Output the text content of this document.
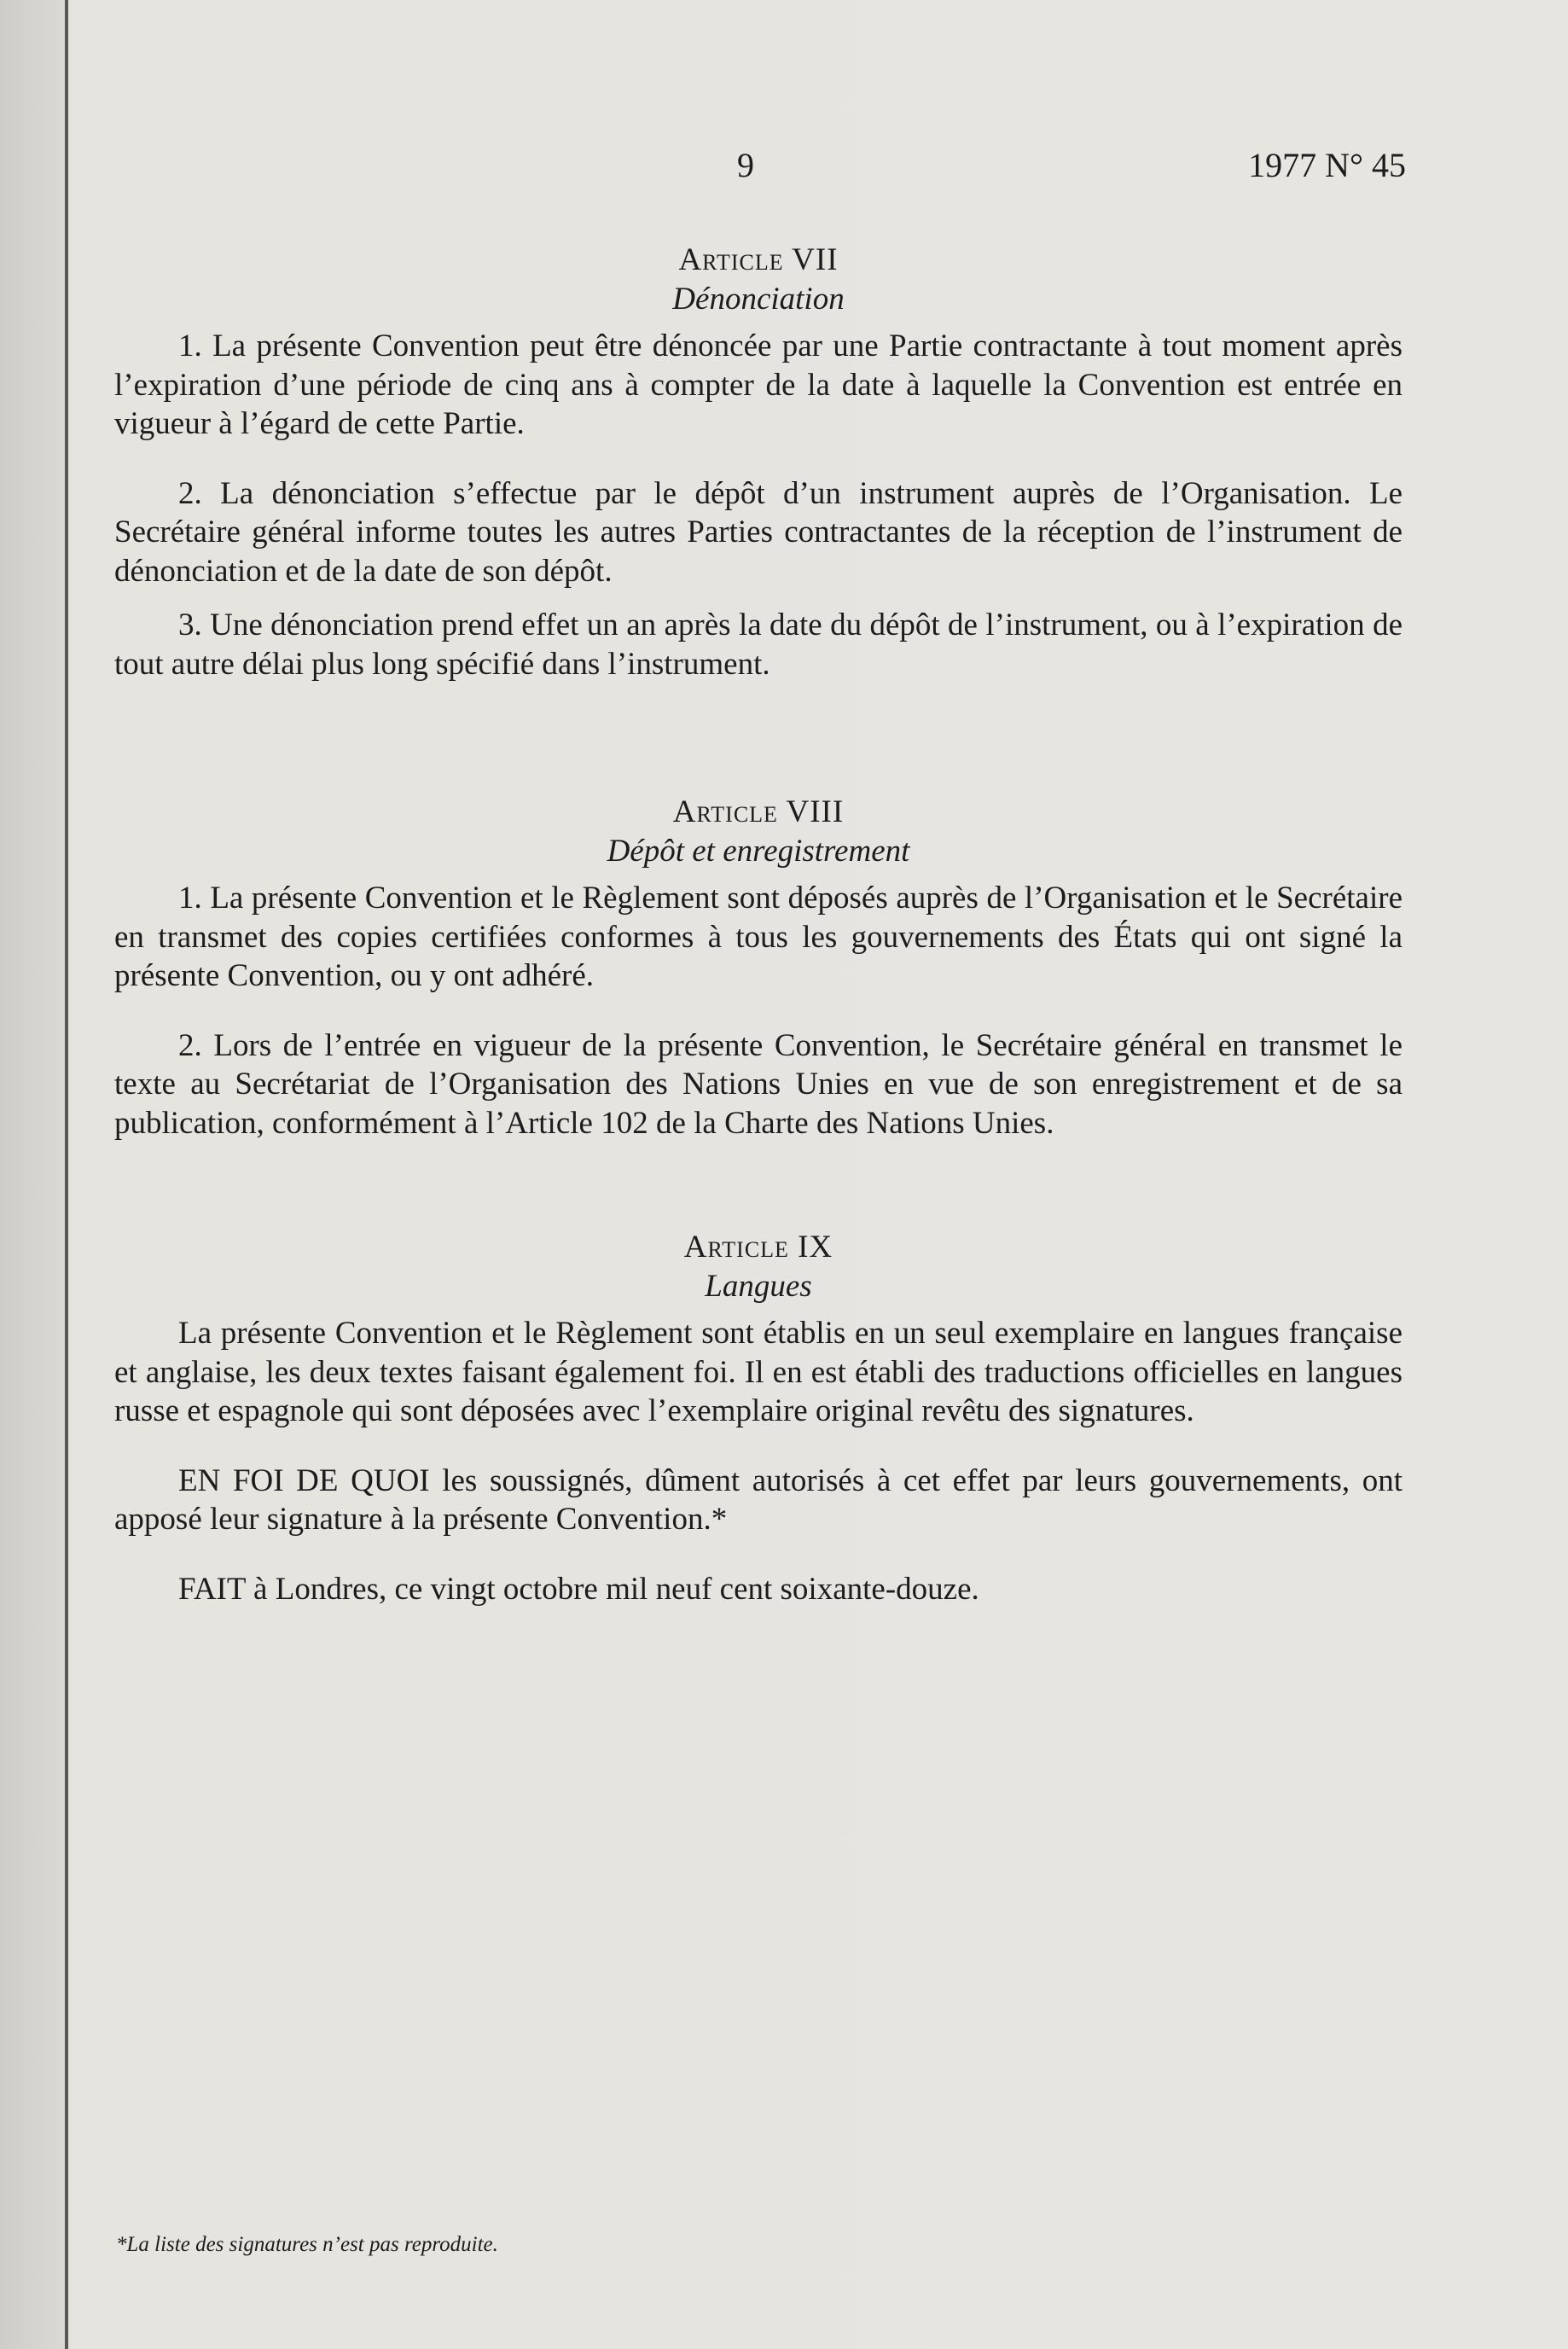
9	1977 N° 45
Article VII
Dénonciation

1. La présente Convention peut être dénoncée par une Partie contractante à tout moment après l’expiration d’une période de cinq ans à compter de la date à laquelle la Convention est entrée en vigueur à l’égard de cette Partie.

2. La dénonciation s’effectue par le dépôt d’un instrument auprès de l’Organisation. Le Secrétaire général informe toutes les autres Parties contractantes de la réception de l’instrument de dénonciation et de la date de son dépôt.

3. Une dénonciation prend effet un an après la date du dépôt de l’instrument, ou à l’expiration de tout autre délai plus long spécifié dans l’instrument.

Article VIII
Dépôt et enregistrement

1. La présente Convention et le Règlement sont déposés auprès de l’Organisation et le Secrétaire en transmet des copies certifiées conformes à tous les gouvernements des États qui ont signé la présente Convention, ou y ont adhéré.

2. Lors de l’entrée en vigueur de la présente Convention, le Secrétaire général en transmet le texte au Secrétariat de l’Organisation des Nations Unies en vue de son enregistrement et de sa publication, conformément à l’Article 102 de la Charte des Nations Unies.

Article IX
Langues

La présente Convention et le Règlement sont établis en un seul exemplaire en langues française et anglaise, les deux textes faisant également foi. Il en est établi des traductions officielles en langues russe et espagnole qui sont déposées avec l’exemplaire original revêtu des signatures.

EN FOI DE QUOI les soussignés, dûment autorisés à cet effet par leurs gouvernements, ont apposé leur signature à la présente Convention.*

FAIT à Londres, ce vingt octobre mil neuf cent soixante-douze.

*La liste des signatures n’est pas reproduite.
